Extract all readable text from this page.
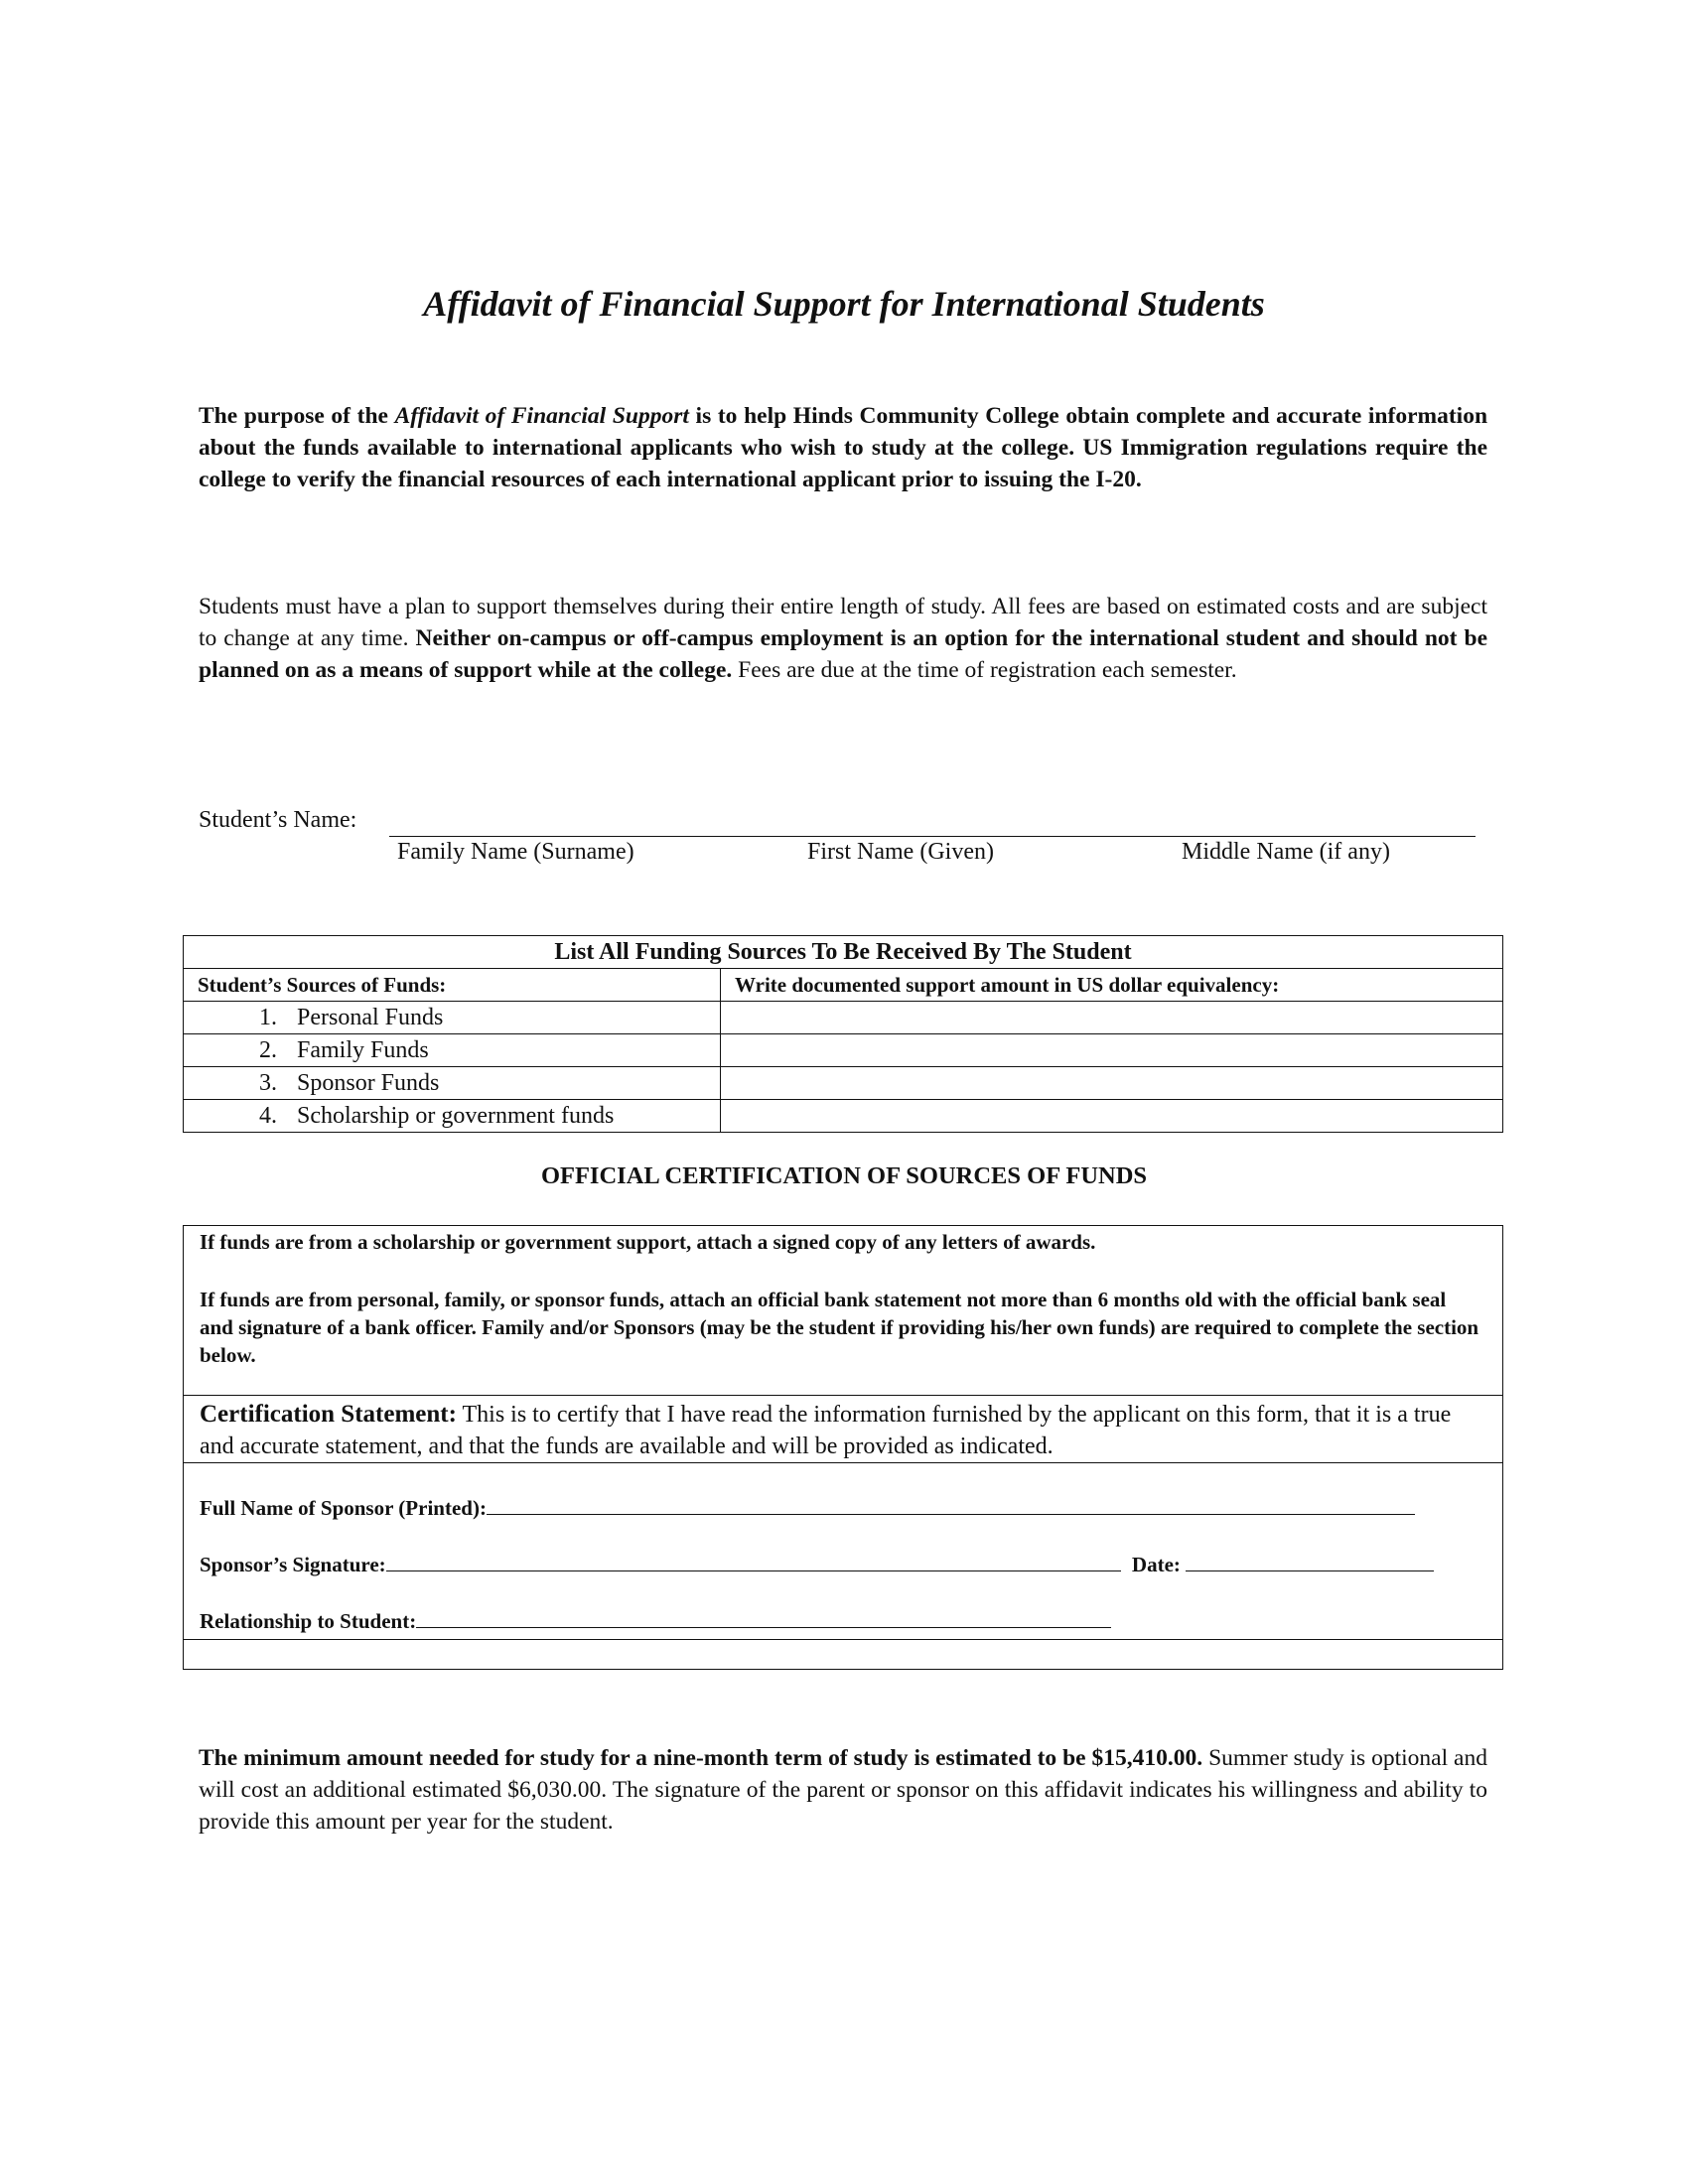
Affidavit of Financial Support for International Students
The purpose of the Affidavit of Financial Support is to help Hinds Community College obtain complete and accurate information about the funds available to international applicants who wish to study at the college. US Immigration regulations require the college to verify the financial resources of each international applicant prior to issuing the I-20.
Students must have a plan to support themselves during their entire length of study. All fees are based on estimated costs and are subject to change at any time. Neither on-campus or off-campus employment is an option for the international student and should not be planned on as a means of support while at the college. Fees are due at the time of registration each semester.
Student’s Name:
Family Name (Surname)	First Name (Given)	Middle Name (if any)
List All Funding Sources To Be Received By The Student	
Student’s Sources of Funds:	Write documented support amount in US dollar equivalency:
1. Personal Funds	
2. Family Funds	
3. Sponsor Funds	
4. Scholarship or government funds	
OFFICIAL CERTIFICATION OF SOURCES OF FUNDS
If funds are from a scholarship or government support, attach a signed copy of any letters of awards.
If funds are from personal, family, or sponsor funds, attach an official bank statement not more than 6 months old with the official bank seal and signature of a bank officer. Family and/or Sponsors (may be the student if providing his/her own funds) are required to complete the section below.
Certification Statement: This is to certify that I have read the information furnished by the applicant on this form, that it is a true and accurate statement, and that the funds are available and will be provided as indicated.
Full Name of Sponsor (Printed):
Sponsor’s Signature:	Date:
Relationship to Student:
The minimum amount needed for study for a nine-month term of study is estimated to be $15,410.00. Summer study is optional and will cost an additional estimated $6,030.00. The signature of the parent or sponsor on this affidavit indicates his willingness and ability to provide this amount per year for the student.
